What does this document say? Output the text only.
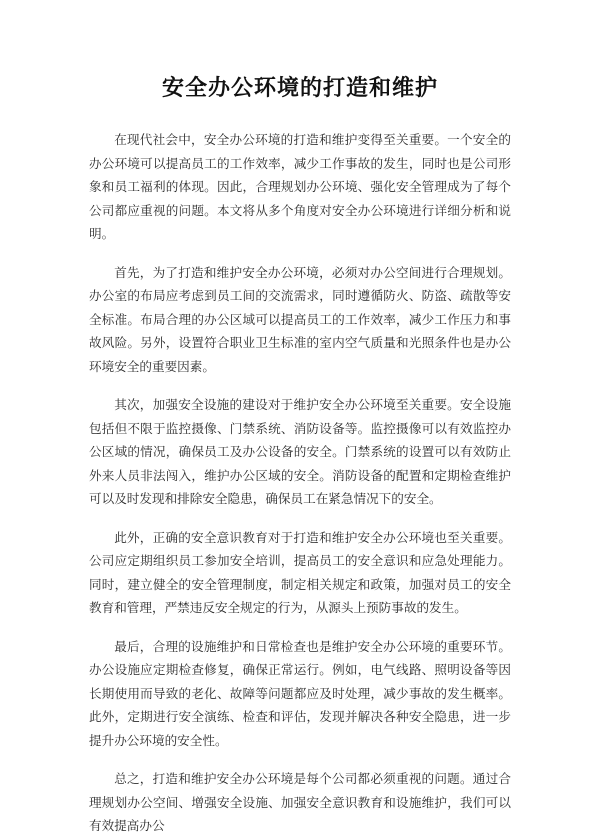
安全办公环境的打造和维护

在现代社会中，安全办公环境的打造和维护变得至关重要。一个安全的办公环境可以提高员工的工作效率，减少工作事故的发生，同时也是公司形象和员工福利的体现。因此，合理规划办公环境、强化安全管理成为了每个公司都应重视的问题。本文将从多个角度对安全办公环境进行详细分析和说明。

首先，为了打造和维护安全办公环境，必须对办公空间进行合理规划。办公室的布局应考虑到员工间的交流需求，同时遵循防火、防盗、疏散等安全标准。布局合理的办公区域可以提高员工的工作效率，减少工作压力和事故风险。另外，设置符合职业卫生标准的室内空气质量和光照条件也是办公环境安全的重要因素。

其次，加强安全设施的建设对于维护安全办公环境至关重要。安全设施包括但不限于监控摄像、门禁系统、消防设备等。监控摄像可以有效监控办公区域的情况，确保员工及办公设备的安全。门禁系统的设置可以有效防止外来人员非法闯入，维护办公区域的安全。消防设备的配置和定期检查维护可以及时发现和排除安全隐患，确保员工在紧急情况下的安全。

此外，正确的安全意识教育对于打造和维护安全办公环境也至关重要。公司应定期组织员工参加安全培训，提高员工的安全意识和应急处理能力。同时，建立健全的安全管理制度，制定相关规定和政策，加强对员工的安全教育和管理，严禁违反安全规定的行为，从源头上预防事故的发生。

最后，合理的设施维护和日常检查也是维护安全办公环境的重要环节。办公设施应定期检查修复，确保正常运行。例如，电气线路、照明设备等因长期使用而导致的老化、故障等问题都应及时处理，减少事故的发生概率。此外，定期进行安全演练、检查和评估，发现并解决各种安全隐患，进一步提升办公环境的安全性。

总之，打造和维护安全办公环境是每个公司都必须重视的问题。通过合理规划办公空间、增强安全设施、加强安全意识教育和设施维护，我们可以有效提高办公
